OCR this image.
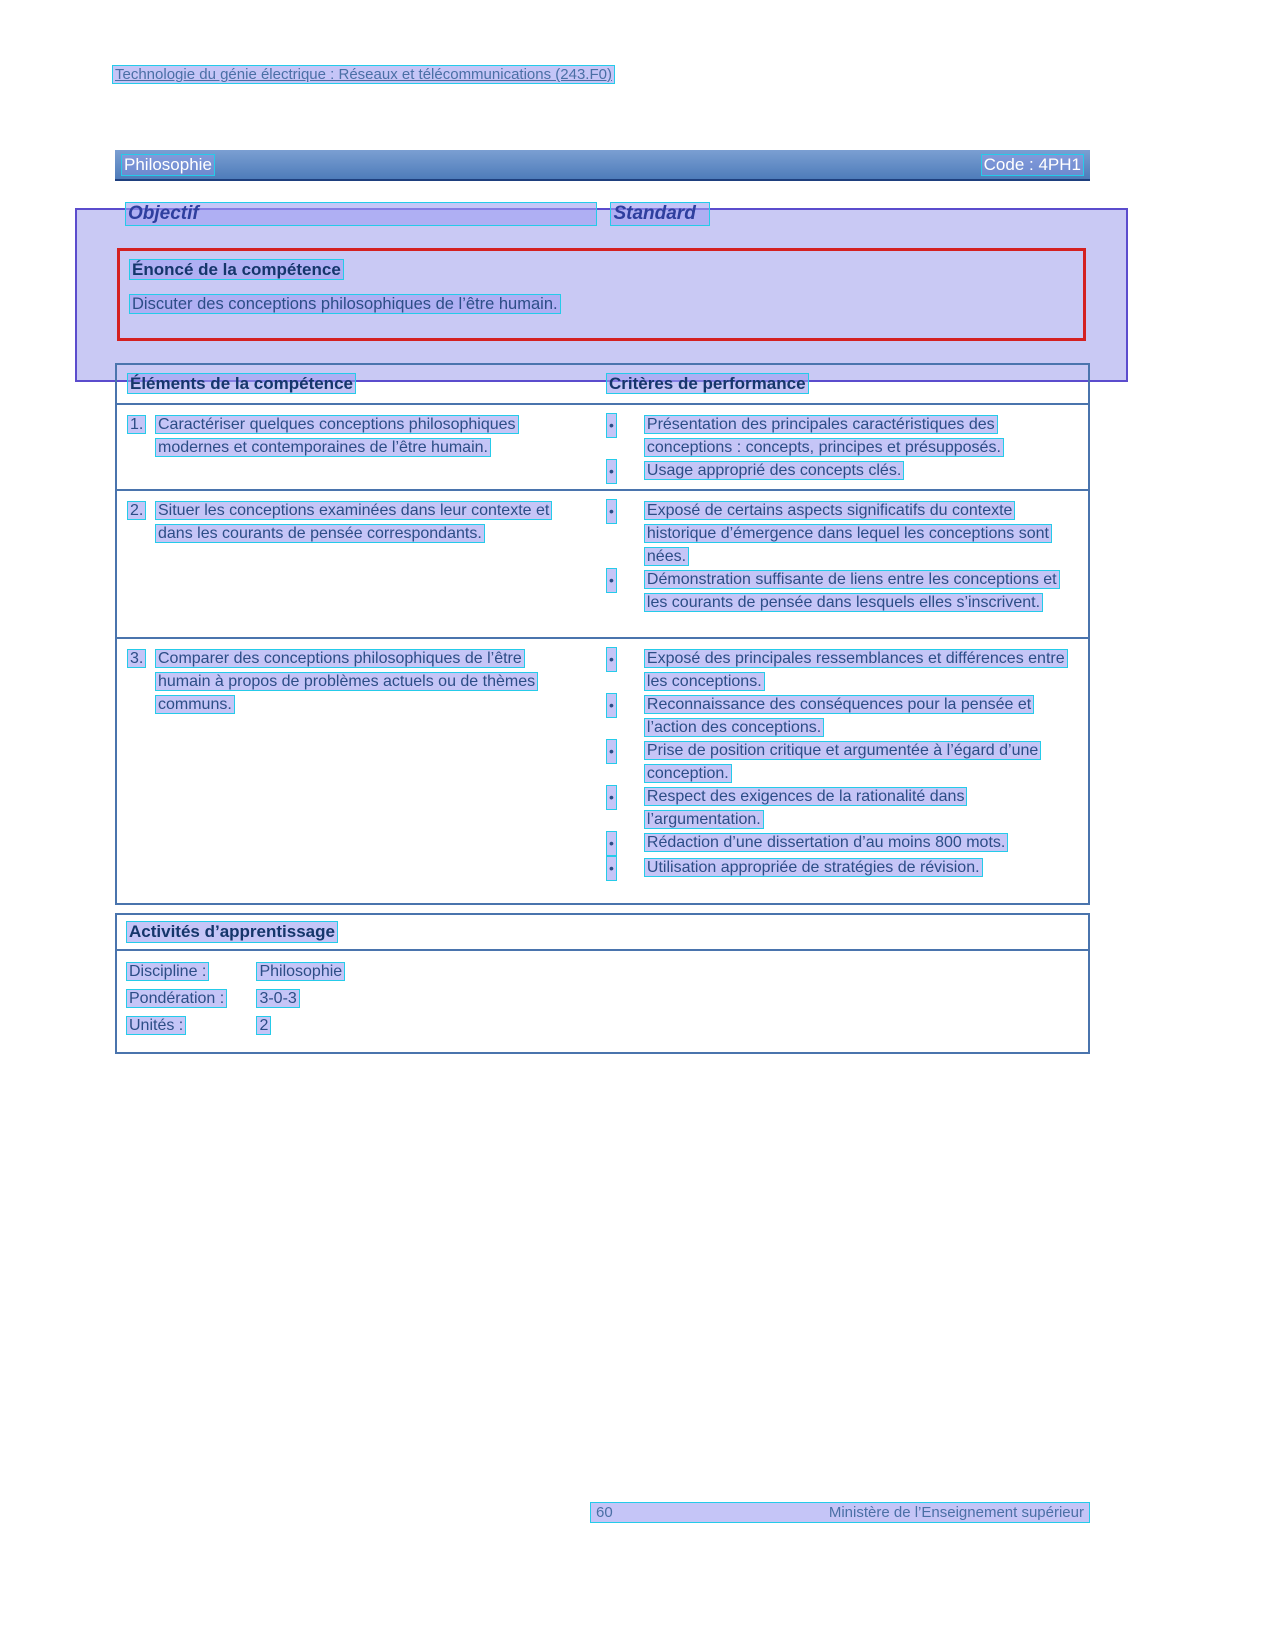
Technologie du génie électrique : Réseaux et télécommunications (243.F0)
Philosophie	Code : 4PH1
Objectif	Standard
Énoncé de la compétence
Discuter des conceptions philosophiques de l’être humain.
Éléments de la compétence	Critères de performance
1. Caractériser quelques conceptions philosophiques modernes et contemporaines de l’être humain.
• Présentation des principales caractéristiques des conceptions : concepts, principes et présupposés.
• Usage approprié des concepts clés.
2. Situer les conceptions examinées dans leur contexte et dans les courants de pensée correspondants.
• Exposé de certains aspects significatifs du contexte historique d’émergence dans lequel les conceptions sont nées.
• Démonstration suffisante de liens entre les conceptions et les courants de pensée dans lesquels elles s’inscrivent.
3. Comparer des conceptions philosophiques de l’être humain à propos de problèmes actuels ou de thèmes communs.
• Exposé des principales ressemblances et différences entre les conceptions.
• Reconnaissance des conséquences pour la pensée et l’action des conceptions.
• Prise de position critique et argumentée à l’égard d’une conception.
• Respect des exigences de la rationalité dans l’argumentation.
• Rédaction d’une dissertation d’au moins 800 mots.
• Utilisation appropriée de stratégies de révision.
Activités d’apprentissage
Discipline :	Philosophie
Pondération : 3-0-3
Unités :	2
60	Ministère de l’Enseignement supérieur
